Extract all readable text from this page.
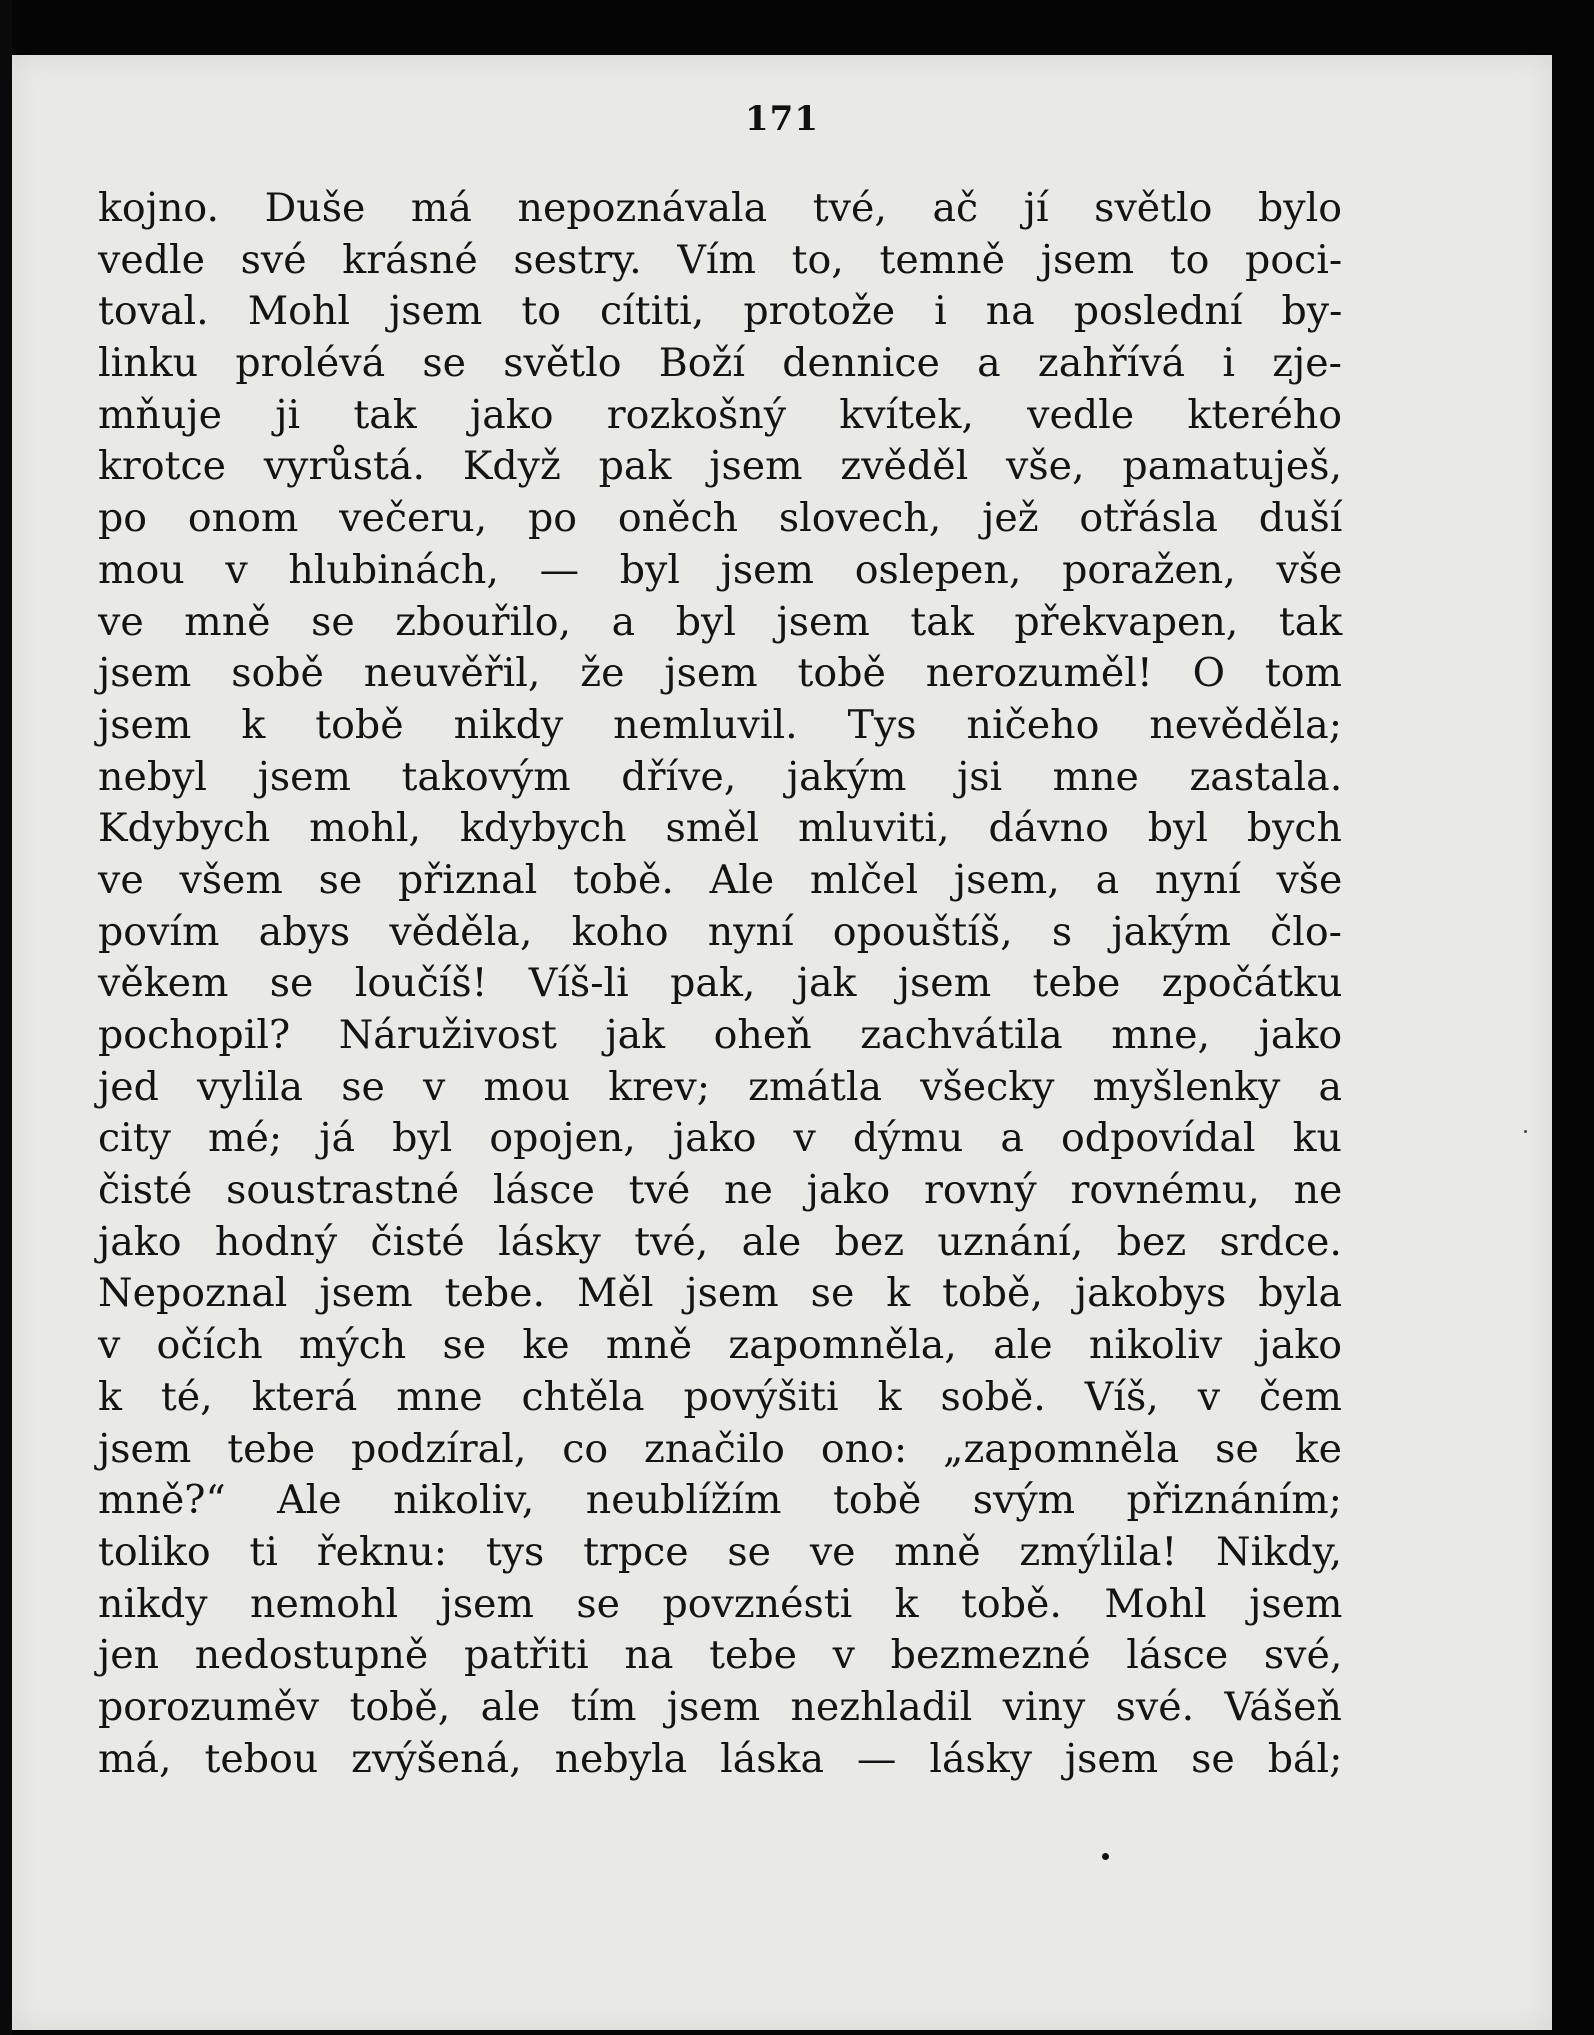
171
kojno. Duše má nepoznávala tvé, ač jí světlo bylo
vedle své krásné sestry. Vím to, temně jsem to poci-
toval. Mohl jsem to cítiti, protože i na poslední by-
linku prolévá se světlo Boží dennice a zahřívá i zje-
mňuje ji tak jako rozkošný kvítek, vedle kterého
krotce vyrůstá. Když pak jsem zvěděl vše, pamatuješ,
po onom večeru, po oněch slovech, jež otřásla duší
mou v hlubinách, — byl jsem oslepen, poražen, vše
ve mně se zbouřilo, a byl jsem tak překvapen, tak
jsem sobě neuvěřil, že jsem tobě nerozuměl! O tom
jsem k tobě nikdy nemluvil. Tys ničeho nevěděla;
nebyl jsem takovým dříve, jakým jsi mne zastala.
Kdybych mohl, kdybych směl mluviti, dávno byl bych
ve všem se přiznal tobě. Ale mlčel jsem, a nyní vše
povím abys věděla, koho nyní opouštíš, s jakým člo-
věkem se loučíš! Víš-li pak, jak jsem tebe zpočátku
pochopil? Náruživost jak oheň zachvátila mne, jako
jed vylila se v mou krev; zmátla všecky myšlenky a
city mé; já byl opojen, jako v dýmu a odpovídal ku
čisté soustrastné lásce tvé ne jako rovný rovnému, ne
jako hodný čisté lásky tvé, ale bez uznání, bez srdce.
Nepoznal jsem tebe. Měl jsem se k tobě, jakobys byla
v očích mých se ke mně zapomněla, ale nikoliv jako
k té, která mne chtěla povýšiti k sobě. Víš, v čem
jsem tebe podzíral, co značilo ono: „zapomněla se ke
mně?“ Ale nikoliv, neublížím tobě svým přiznáním;
toliko ti řeknu: tys trpce se ve mně zmýlila! Nikdy,
nikdy nemohl jsem se povznésti k tobě. Mohl jsem
jen nedostupně patřiti na tebe v bezmezné lásce své,
porozuměv tobě, ale tím jsem nezhladil viny své. Vášeň
má, tebou zvýšená, nebyla láska — lásky jsem se bál;
